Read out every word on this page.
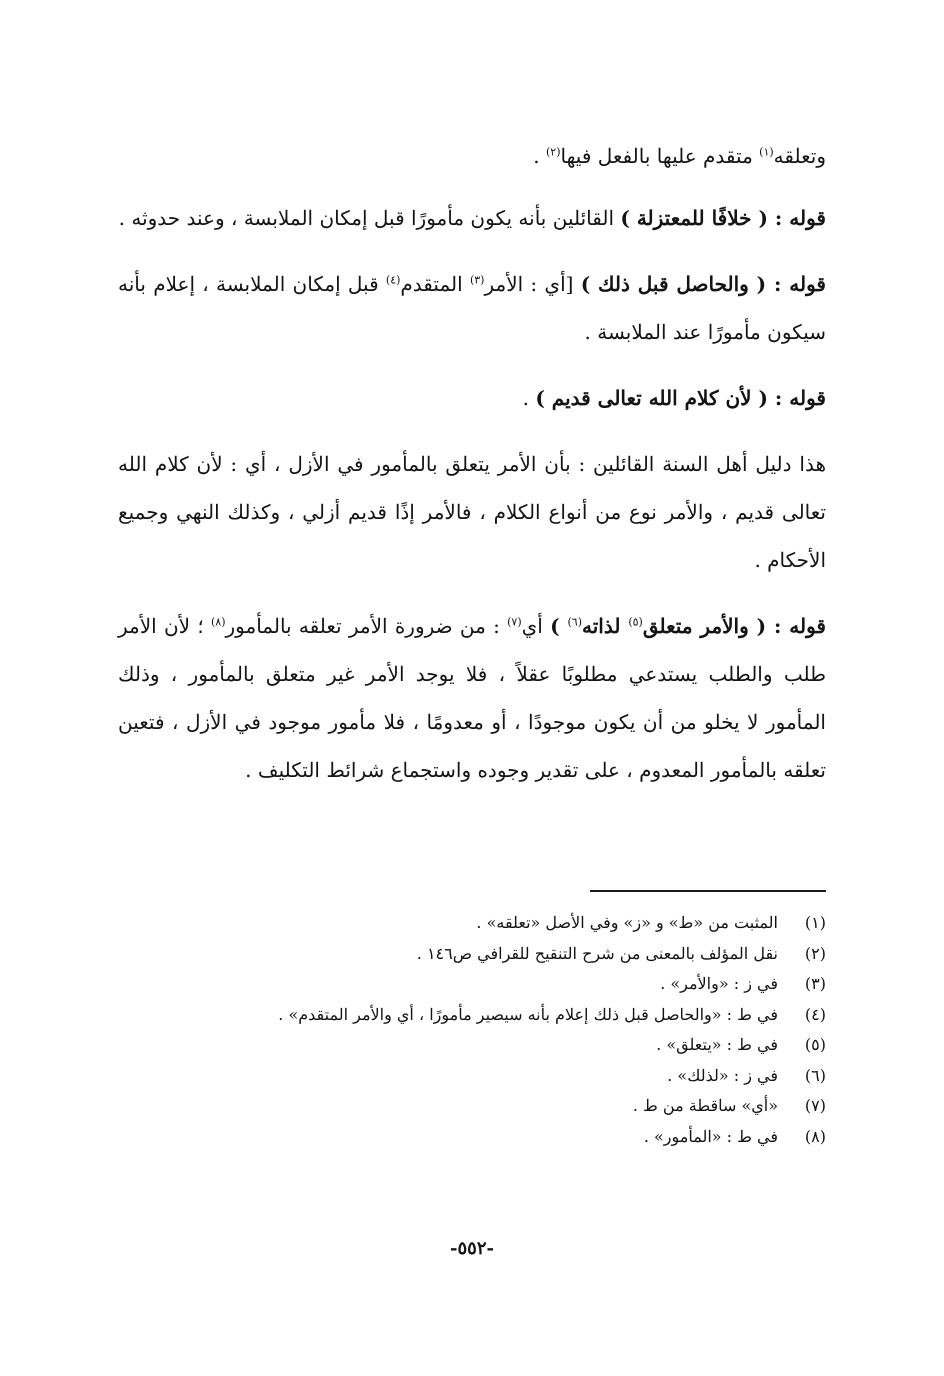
وتعلقه$^{(١)}$ متقدم عليها بالفعل فيها$^{(٢)}$ .

قوله : ( خلافًا للمعتزلة ) القائلين بأنه يكون مأمورًا قبل إمكان الملابسة ، وعند حدوثه .

قوله : ( والحاصل قبل ذلك ) [أي : الأمر$^{(٣)}$ المتقدم$^{(٤)}$ قبل إمكان الملابسة ، إعلام بأنه سيكون مأمورًا عند الملابسة .

قوله : ( لأن كلام الله تعالى قديم ) .

هذا دليل أهل السنة القائلين : بأن الأمر يتعلق بالمأمور في الأزل ، أي : لأن كلام الله تعالى قديم ، والأمر نوع من أنواع الكلام ، فالأمر إذًا قديم أزلي ، وكذلك النهي وجميع الأحكام .

قوله : ( والأمر متعلق$^{(٥)}$ لذاته$^{(٦)}$ ) أي$^{(٧)}$ : من ضرورة الأمر تعلقه بالمأمور$^{(٨)}$ ؛ لأن الأمر طلب والطلب يستدعي مطلوبًا عقلاً ، فلا يوجد الأمر غير متعلق بالمأمور ، وذلك المأمور لا يخلو من أن يكون موجودًا ، أو معدومًا ، فلا مأمور موجود في الأزل ، فتعين تعلقه بالمأمور المعدوم ، على تقدير وجوده واستجماع شرائط التكليف .

(١)
المثبت من «ط» و «ز» وفي الأصل «تعلقه» .
(٢)
نقل المؤلف بالمعنى من شرح التنقيح للقرافي ص١٤٦ .
(٣)
في ز : «والأمر» .
(٤)
في ط : «والحاصل قبل ذلك إعلام بأنه سيصير مأمورًا ، أي والأمر المتقدم» .
(٥)
في ط : «يتعلق» .
(٦)
في ز : «لذلك» .
(٧)
«أي» ساقطة من ط .
(٨)
في ط : «المأمور» .
-٥٥٢-
